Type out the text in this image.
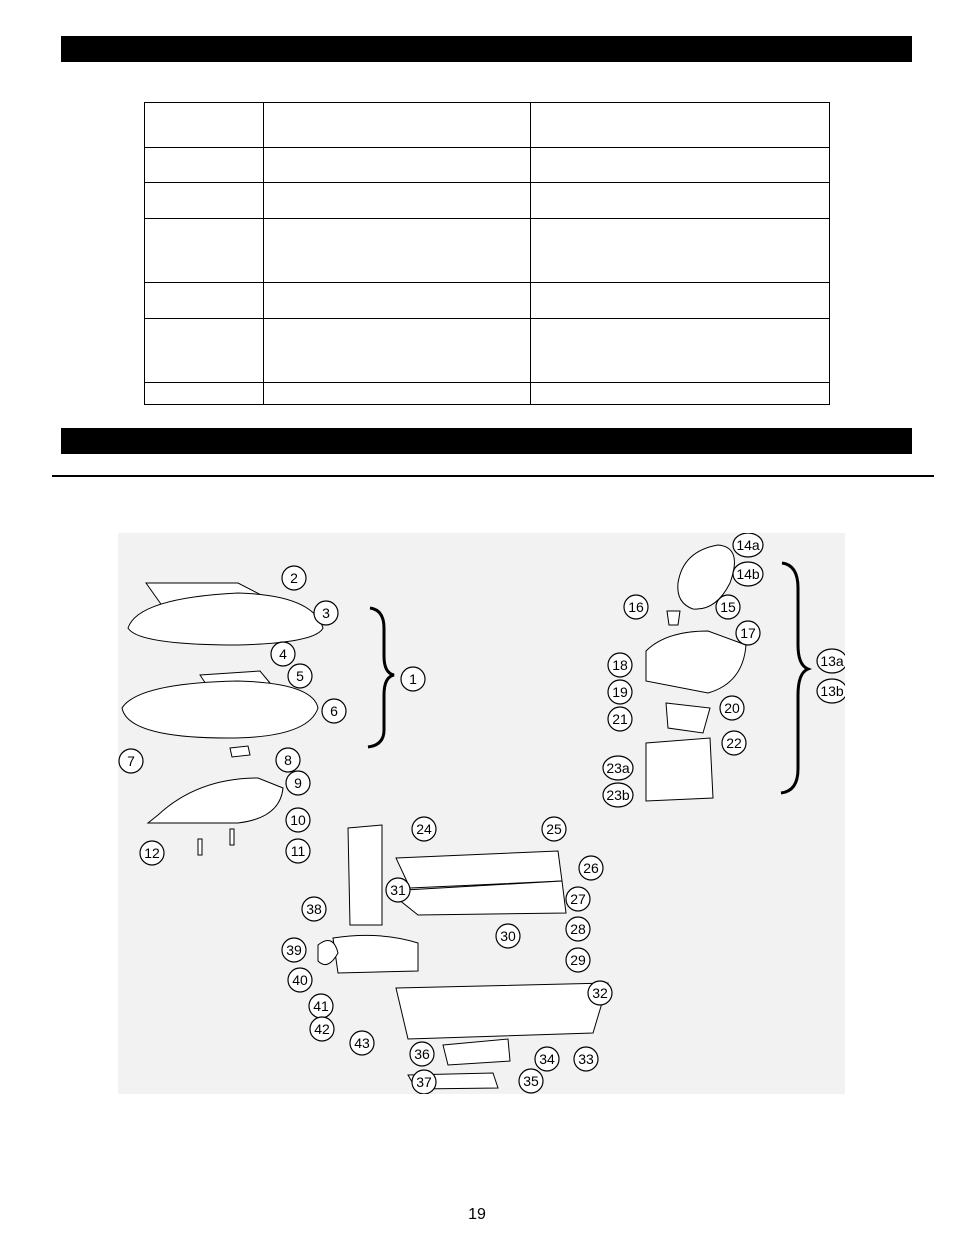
1
2
3
4
5
6
7	8
9
10
11
12
13a
13b
14a
14b
15
16
17
18
19
20
21
22
23a
23b
24	25
26
27
28
29
30
31
32
33
34
35
36
37
38
39
40
41
42
43
19
